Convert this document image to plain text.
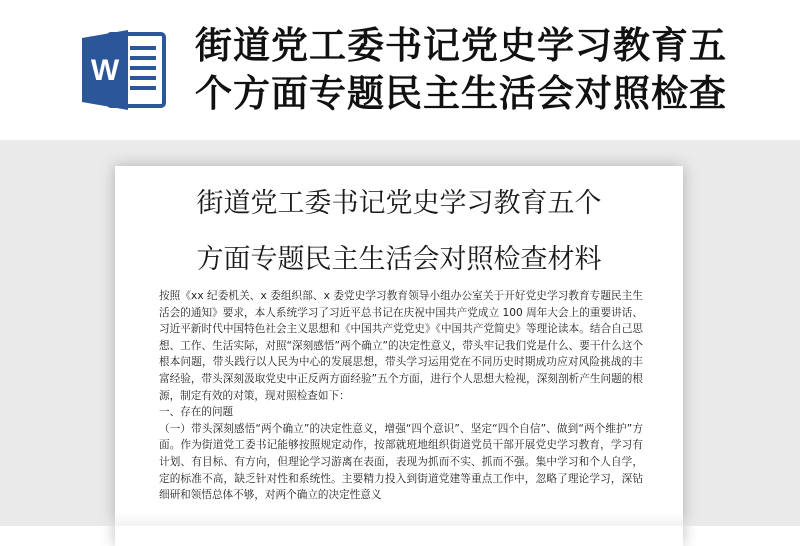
W
街道党工委书记党史学习教育五个方面专题民主生活会对照检查
街道党工委书记党史学习教育五个
方面专题民主生活会对照检查材料

按照《xx 纪委机关、x 委组织部、x 委党史学习教育领导小组办公室关于开好党史学习教育专题民主生活会的通知》要求，本人系统学习了习近平总书记在庆祝中国共产党成立 100 周年大会上的重要讲话、习近平新时代中国特色社会主义思想和《中国共产党党史》《中国共产党简史》等理论读本。结合自己思想、工作、生活实际，对照“深刻感悟”两个确立”的决定性意义，带头牢记我们党是什么、要干什么这个根本问题，带头践行以人民为中心的发展思想，带头学习运用党在不同历史时期成功应对风险挑战的丰富经验，带头深刻汲取党史中正反两方面经验”五个方面，进行个人思想大检视，深刻剖析产生问题的根源，制定有效的对策，现对照检查如下：

一、存在的问题

（一）带头深刻感悟“两个确立”的决定性意义，增强“四个意识”、坚定“四个自信”、做到“两个维护”方面。作为街道党工委书记能够按照规定动作，按部就班地组织街道党员干部开展党史学习教育，学习有计划、有目标、有方向，但理论学习游离在表面，表现为抓而不实、抓而不强。集中学习和个人自学，定的标准不高，缺乏针对性和系统性。主要精力投入到街道党建等重点工作中，忽略了理论学习，深钻细研和领悟总体不够，对两个确立的决定性意义
